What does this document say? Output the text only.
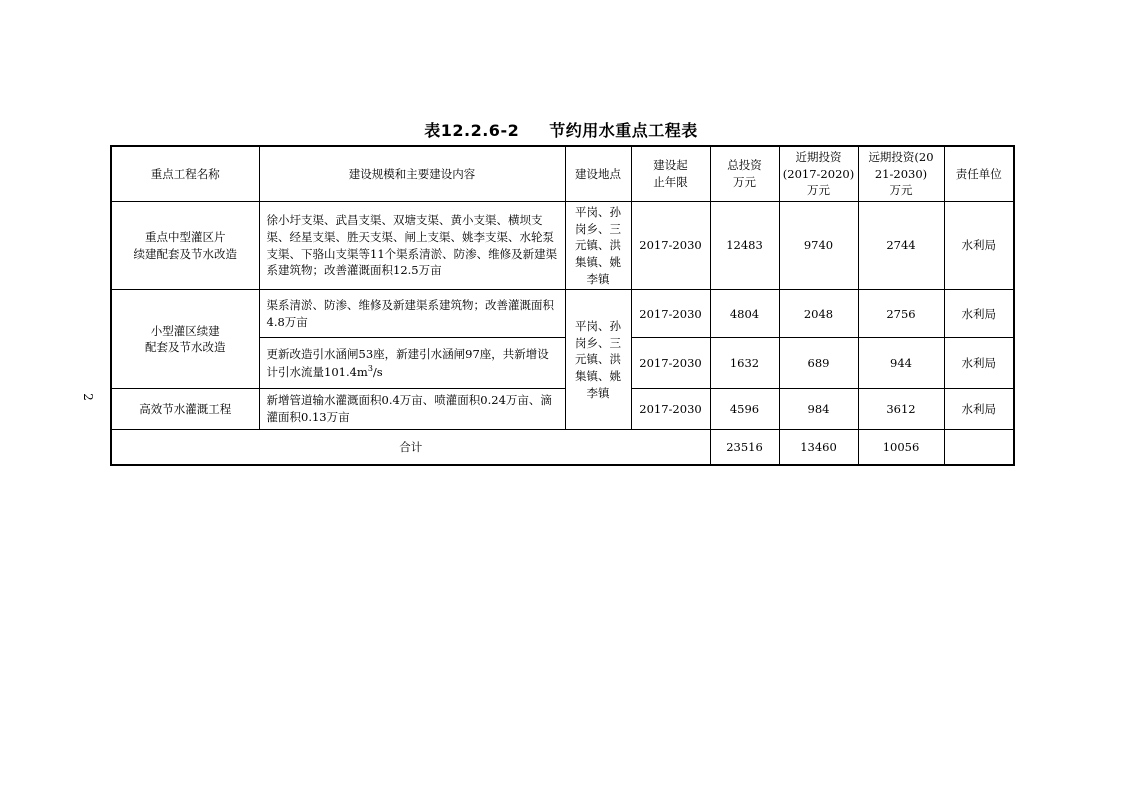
表12.2.6-2 节约用水重点工程表
2
重点工程名称	建设规模和主要建设内容	建设地点	建设起
止年限	总投资
万元	近期投资
(2017-2020)
万元	远期投资(20
21-2030)
万元	责任单位
重点中型灌区片
续建配套及节水改造	徐小圩支渠、武昌支渠、双塘支渠、黄小支渠、横坝支渠、经星支渠、胜天支渠、闸上支渠、姚李支渠、水轮泵支渠、下骆山支渠等11个渠系清淤、防渗、维修及新建渠系建筑物；改善灌溉面积12.5万亩	平岗、孙
岗乡、三
元镇、洪
集镇、姚
李镇	2017-2030	12483	9740	2744	水利局
小型灌区续建
配套及节水改造	渠系清淤、防渗、维修及新建渠系建筑物；改善灌溉面积4.8万亩	平岗、孙
岗乡、三
元镇、洪
集镇、姚
李镇	2017-2030	4804	2048	2756	水利局
	更新改造引水涵闸53座，新建引水涵闸97座，共新增设计引水流量$101.4m^3/s$		2017-2030	1632	689	944	水利局
高效节水灌溉工程	新增管道输水灌溉面积0.4万亩、喷灌面积0.24万亩、滴灌面积0.13万亩		2017-2030	4596	984	3612	水利局
合计				23516	13460	10056	
